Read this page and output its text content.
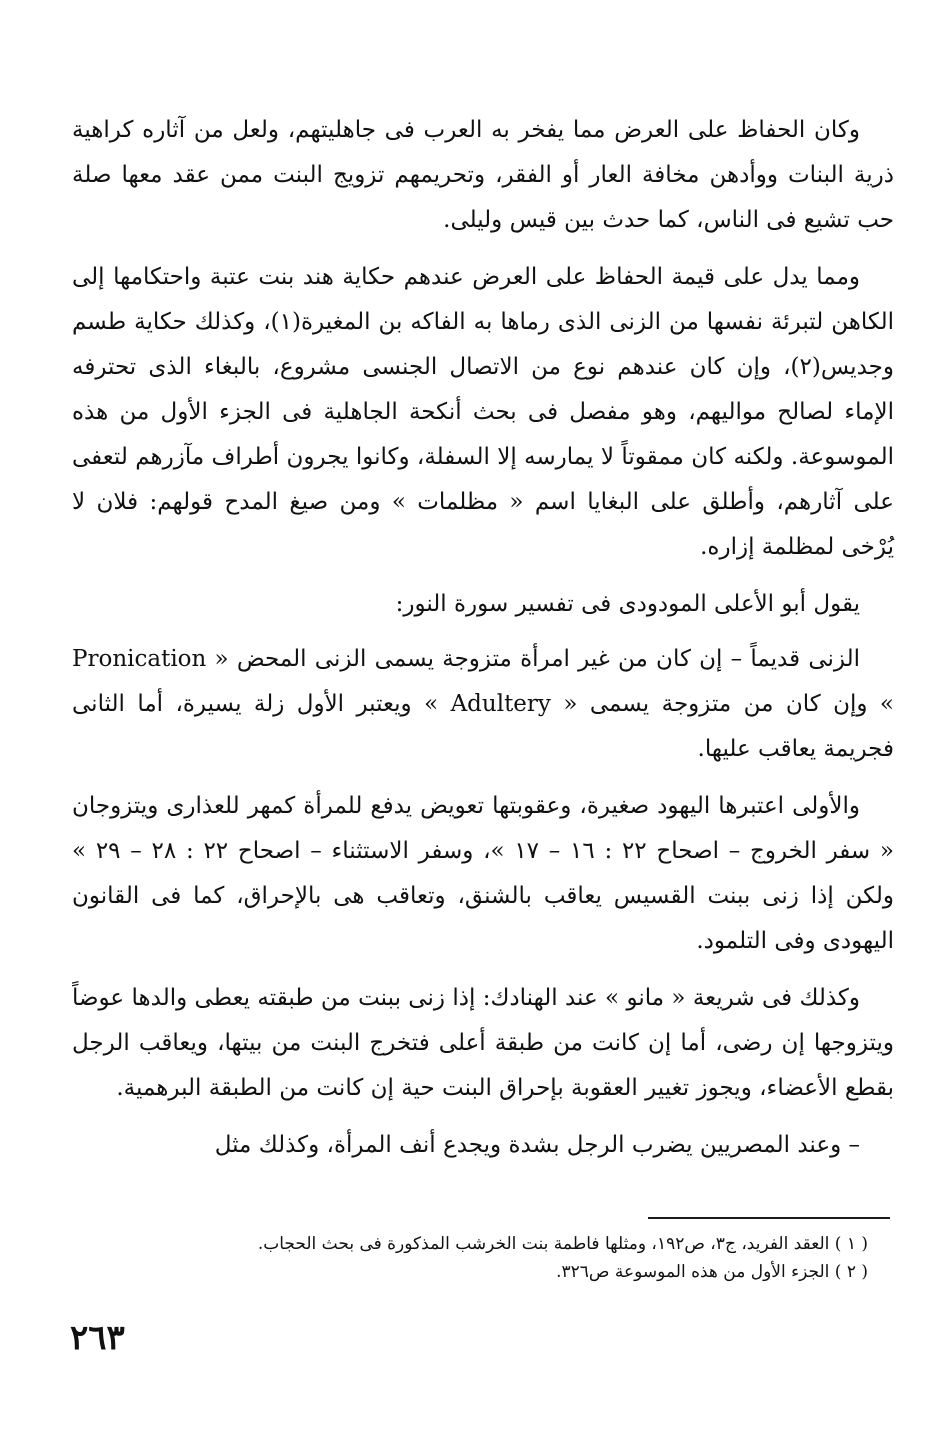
وكان الحفاظ على العرض مما يفخر به العرب فى جاهليتهم، ولعل من آثاره كراهية ذرية البنات ووأدهن مخافة العار أو الفقر، وتحريمهم تزويج البنت ممن عقد معها صلة حب تشيع فى الناس، كما حدث بين قيس وليلى.

ومما يدل على قيمة الحفاظ على العرض عندهم حكاية هند بنت عتبة واحتكامها إلى الكاهن لتبرئة نفسها من الزنى الذى رماها به الفاكه بن المغيرة(١)، وكذلك حكاية طسم وجديس(٢)، وإن كان عندهم نوع من الاتصال الجنسى مشروع، بالبغاء الذى تحترفه الإماء لصالح مواليهم، وهو مفصل فى بحث أنكحة الجاهلية فى الجزء الأول من هذه الموسوعة. ولكنه كان ممقوتاً لا يمارسه إلا السفلة، وكانوا يجرون أطراف مآزرهم لتعفى على آثارهم، وأطلق على البغايا اسم « مظلمات » ومن صيغ المدح قولهم: فلان لا يُرْخى لمظلمة إزاره.

يقول أبو الأعلى المودودى فى تفسير سورة النور:

الزنى قديماً – إن كان من غير امرأة متزوجة يسمى الزنى المحض « Pronication » وإن كان من متزوجة يسمى « Adultery » ويعتبر الأول زلة يسيرة، أما الثانى فجريمة يعاقب عليها.

والأولى اعتبرها اليهود صغيرة، وعقوبتها تعويض يدفع للمرأة كمهر للعذارى ويتزوجان « سفر الخروج – اصحاح ٢٢ : ١٦ – ١٧ »، وسفر الاستثناء – اصحاح ٢٢ : ٢٨ – ٢٩ » ولكن إذا زنى ببنت القسيس يعاقب بالشنق، وتعاقب هى بالإحراق، كما فى القانون اليهودى وفى التلمود.

وكذلك فى شريعة « مانو » عند الهنادك: إذا زنى ببنت من طبقته يعطى والدها عوضاً ويتزوجها إن رضى، أما إن كانت من طبقة أعلى فتخرج البنت من بيتها، ويعاقب الرجل بقطع الأعضاء، ويجوز تغيير العقوبة بإحراق البنت حية إن كانت من الطبقة البرهمية.

– وعند المصريين يضرب الرجل بشدة ويجدع أنف المرأة، وكذلك مثل

( ١ ) العقد الفريد، ج٣، ص١٩٢، ومثلها فاطمة بنت الخرشب المذكورة فى بحث الحجاب.

( ٢ ) الجزء الأول من هذه الموسوعة ص٣٢٦.

٢٦٣
